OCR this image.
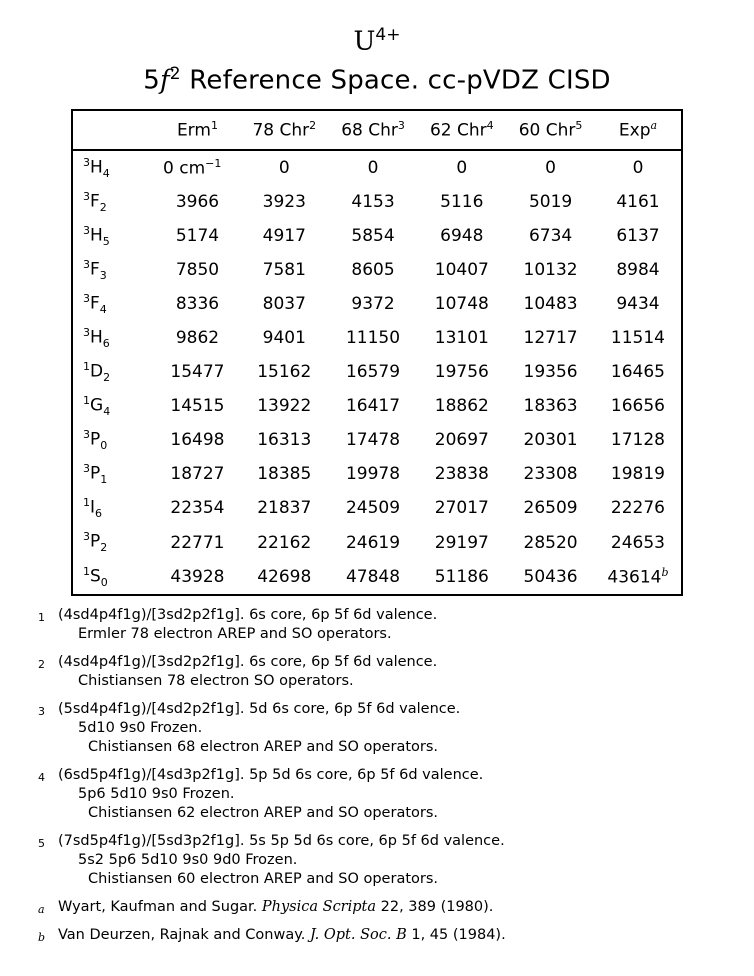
$U^{4+}$
$5f^2$ Reference Space. cc-pVDZ CISD
	Erm$^1$	78 Chr$^2$	68 Chr$^3$	62 Chr$^4$	60 Chr$^5$	Exp$^a$
$^3H_4$	0 $cm^{-1}$	0	0	0	0	0
$^3F_2$	3966	3923	4153	5116	5019	4161
$^3H_5$	5174	4917	5854	6948	6734	6137
$^3F_3$	7850	7581	8605	10407	10132	8984
$^3F_4$	8336	8037	9372	10748	10483	9434
$^3H_6$	9862	9401	11150	13101	12717	11514
$^1D_2$	15477	15162	16579	19756	19356	16465
$^1G_4$	14515	13922	16417	18862	18363	16656
$^3P_0$	16498	16313	17478	20697	20301	17128
$^3P_1$	18727	18385	19978	23838	23308	19819
$^1I_6$	22354	21837	24509	27017	26509	22276
$^3P_2$	22771	22162	24619	29197	28520	24653
$^1S_0$	43928	42698	47848	51186	50436	43614$^b$
1 (4sd4p4f1g)/[3sd2p2f1g]. 6s core, 6p 5f 6d valence.
Ermler 78 electron AREP and SO operators.
2 (4sd4p4f1g)/[3sd2p2f1g]. 6s core, 6p 5f 6d valence.
Chistiansen 78 electron SO operators.
3 (5sd4p4f1g)/[4sd2p2f1g]. 5d 6s core, 6p 5f 6d valence.
5d10 9s0 Frozen.
Chistiansen 68 electron AREP and SO operators.
4 (6sd5p4f1g)/[4sd3p2f1g]. 5p 5d 6s core, 6p 5f 6d valence.
5p6 5d10 9s0 Frozen.
Chistiansen 62 electron AREP and SO operators.
5 (7sd5p4f1g)/[5sd3p2f1g]. 5s 5p 5d 6s core, 6p 5f 6d valence.
5s2 5p6 5d10 9s0 9d0 Frozen.
Chistiansen 60 electron AREP and SO operators.
a Wyart, Kaufman and Sugar. Physica Scripta 22, 389 (1980).
b Van Deurzen, Rajnak and Conway. J. Opt. Soc. B 1, 45 (1984).
